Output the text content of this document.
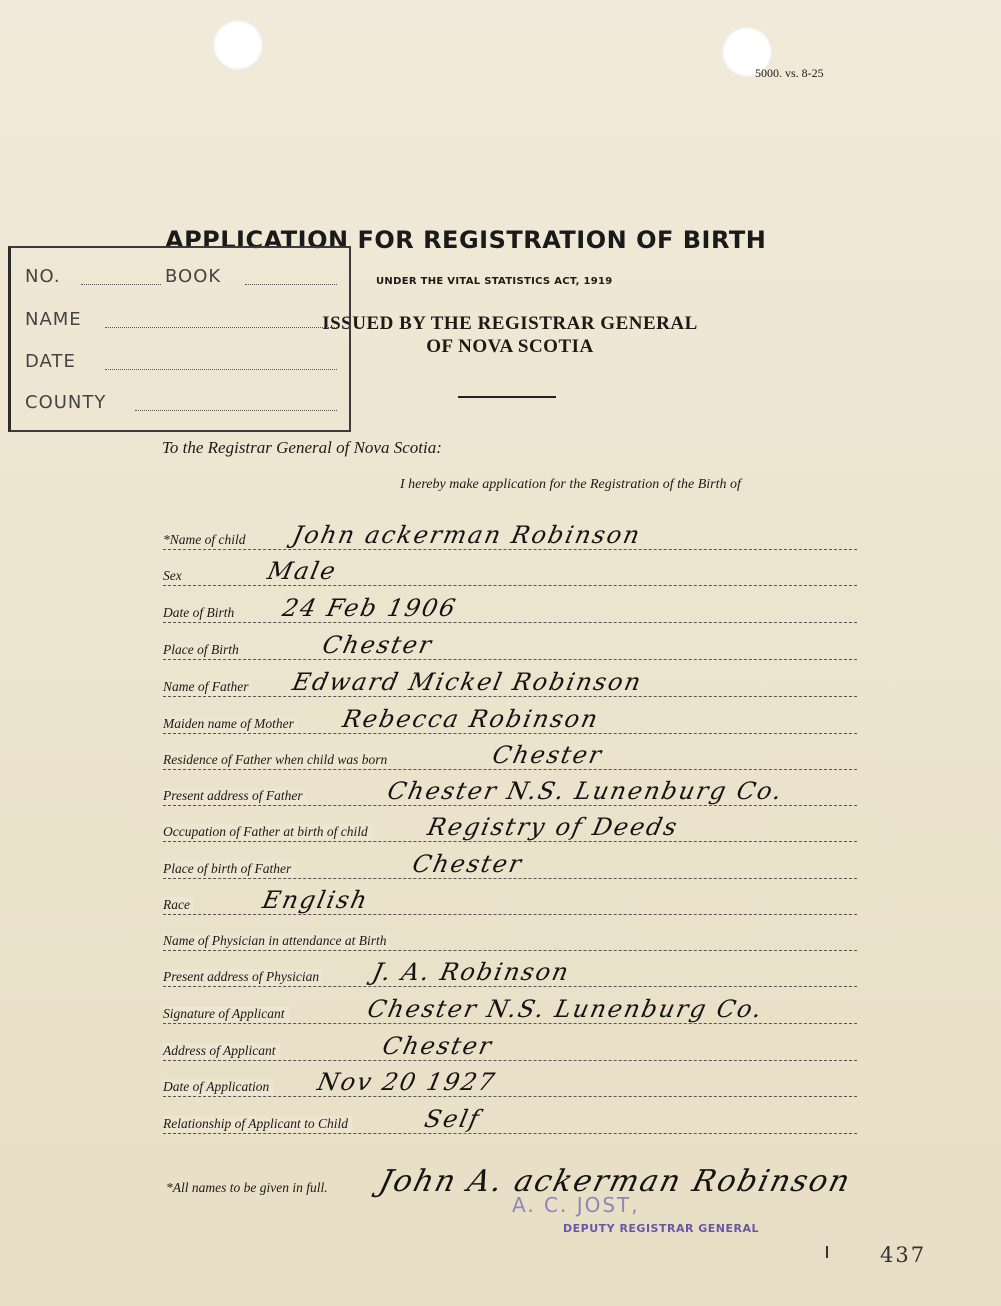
5000. vs. 8-25
APPLICATION FOR REGISTRATION OF BIRTH
UNDER THE VITAL STATISTICS ACT, 1919
ISSUED BY THE REGISTRAR GENERAL
OF NOVA SCOTIA
NO.	BOOK
NAME
DATE
COUNTY
To the Registrar General of Nova Scotia:
I hereby make application for the Registration of the Birth of
*Name of child John ackerman Robinson
Sex	Male
Date of Birth 24 Feb 1906
Place of Birth	Chester
Name of Father Edward Mickel Robinson
Maiden name of Mother Rebecca Robinson
Residence of Father when child was born	Chester
Present address of Father	Chester N.S. Lunenburg Co.
Occupation of Father at birth of child Registry of Deeds
Place of birth of Father	Chester
Race	English
Name of Physician in attendance at Birth
Present address of Physician J. A. Robinson
Signature of Applicant	Chester N.S. Lunenburg Co.
Address of Applicant	Chester
Date of Application Nov 20 1927
Relationship of Applicant to Child	Self
*All names to be given in full. John A. ackerman Robinson
A. C. JOST,
DEPUTY REGISTRAR GENERAL
437
